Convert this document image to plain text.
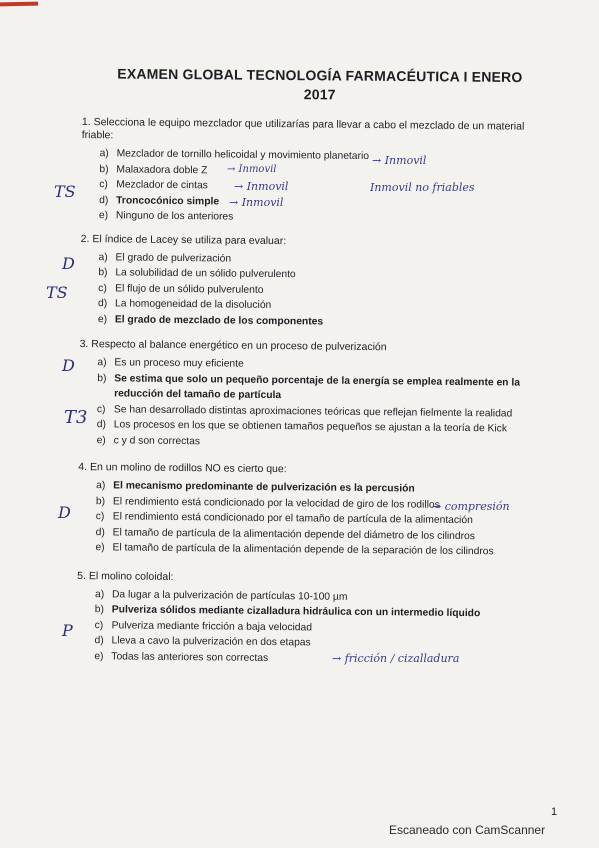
EXAMEN GLOBAL TECNOLOGÍA FARMACÉUTICA I ENERO
2017
1. Selecciona le equipo mezclador que utilizarías para llevar a cabo el mezclado de un material friable:
a) Mezclador de tornillo helicoidal y movimiento planetario
b) Malaxadora doble Z
c) Mezclador de cintas
d) Troncocónico simple
e) Ninguno de los anteriores
2. El índice de Lacey se utiliza para evaluar:
a) El grado de pulverización
b) La solubilidad de un sólido pulverulento
c) El flujo de un sólido pulverulento
d) La homogeneidad de la disolución
e) El grado de mezclado de los componentes
3. Respecto al balance energético en un proceso de pulverización
a) Es un proceso muy eficiente
b) Se estima que solo un pequeño porcentaje de la energía se emplea realmente en la reducción del tamaño de partícula
c) Se han desarrollado distintas aproximaciones teóricas que reflejan fielmente la realidad
d) Los procesos en los que se obtienen tamaños pequeños se ajustan a la teoría de Kick
e) c y d son correctas
4. En un molino de rodillos NO es cierto que:
a) El mecanismo predominante de pulverización es la percusión
b) El rendimiento está condicionado por la velocidad de giro de los rodillos
c) El rendimiento está condicionado por el tamaño de partícula de la alimentación
d) El tamaño de partícula de la alimentación depende del diámetro de los cilindros
e) El tamaño de partícula de la alimentación depende de la separación de los cilindros
5. El molino coloidal:
a) Da lugar a la pulverización de partículas 10-100 µm
b) Pulveriza sólidos mediante cizalladura hidráulica con un intermedio líquido
c) Pulveriza mediante fricción a baja velocidad
d) Lleva a cavo la pulverización en dos etapas
e) Todas las anteriores son correctas
→ Inmovil
→ Inmovil
→ Inmovil
→ Inmovil
Inmovil no friables
→ compresión
→ fricción / cizalladura
TS
D
TS
D
T3
D
P
1
Escaneado con CamScanner
